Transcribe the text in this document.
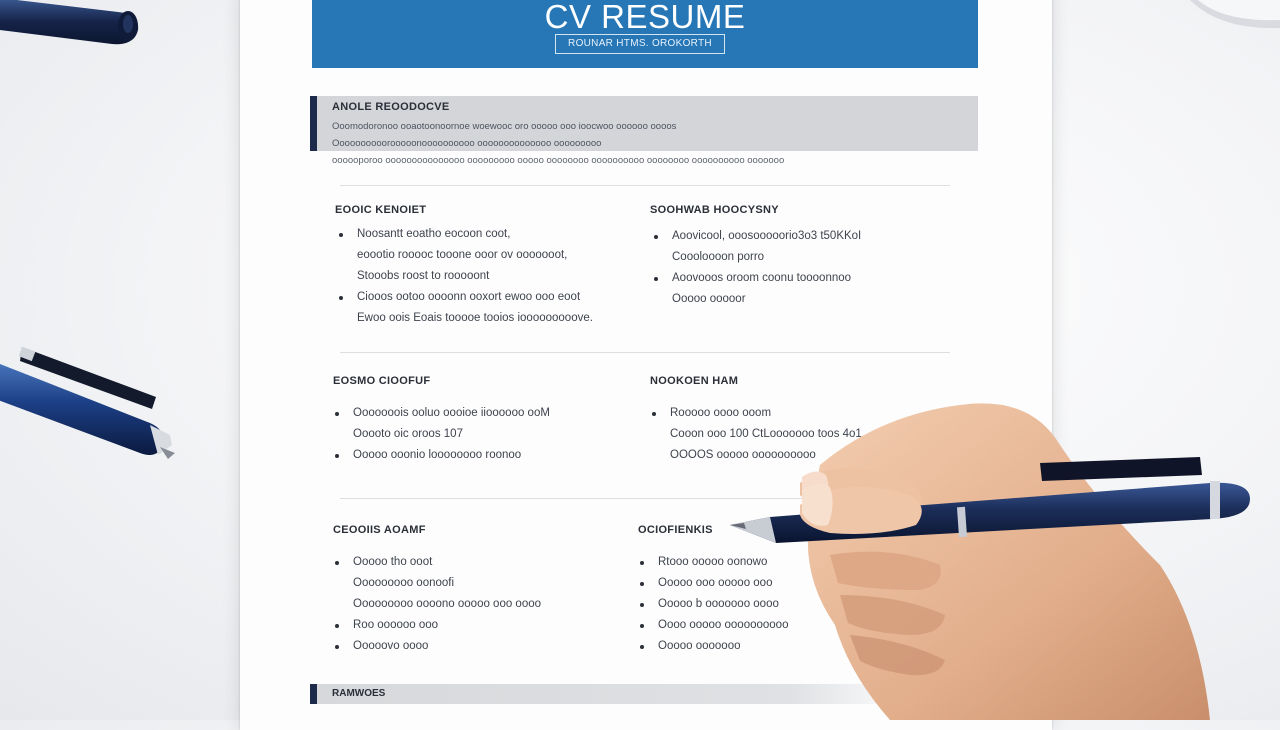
CV RESUME
ROUNAR HTMS. OROKORTH
ANOLE REOODOCVE
Ooomodoronoo ooaotoonoornoe woewooc oro ooooo ooo ioocwoo oooooo oooos
Oooooooooorooooonoooooooooo oooooooooooooo ooooooooo
oooooporoo ooooooooooooooo ooooooooo ooooo oooooooo oooooooooo oooooooo oooooooooo ooooooo
EOOIC KENOIET
Noosantt eoatho eocoon coot,
eoootio rooooc tooone ooor ov ooooooot,
Stooobs roost to rooooont
Ciooos ootoo oooonn ooxort ewoo ooo eoot
Ewoo oois Eoais tooooe tooios iooooooooove.
SOOHWAB HOOCYSNY
Aoovicool, ooosooooorio3o3 t50KKoI
Coooloooon porro
Aoovooos oroom coonu toooonnoo
Ooooo ooooor
EOSMO CIOOFUF
Ooooooois ooluo oooioe iioooooo ooM
Ooooto oic oroos 107
Ooooo ooonio loooooooo roonoo
NOOKOEN HAM
Rooooo oooo ooom
Cooon ooo 100 CtLooooooo toos 4o1
OOOOS ooooo oooooooooo
CEOOIIS AOAMF
Ooooo tho ooot
Ooooooooo oonoofi
Ooooooooo oooono ooooo ooo oooo
Roo oooooo ooo
Ooooovo oooo
OCIOFIENKIS
Rtooo ooooo oonowo
Ooooo ooo ooooo ooo
Ooooo b ooooooo oooo
Oooo ooooo oooooooooo
Ooooo ooooooo
RAMWOES
